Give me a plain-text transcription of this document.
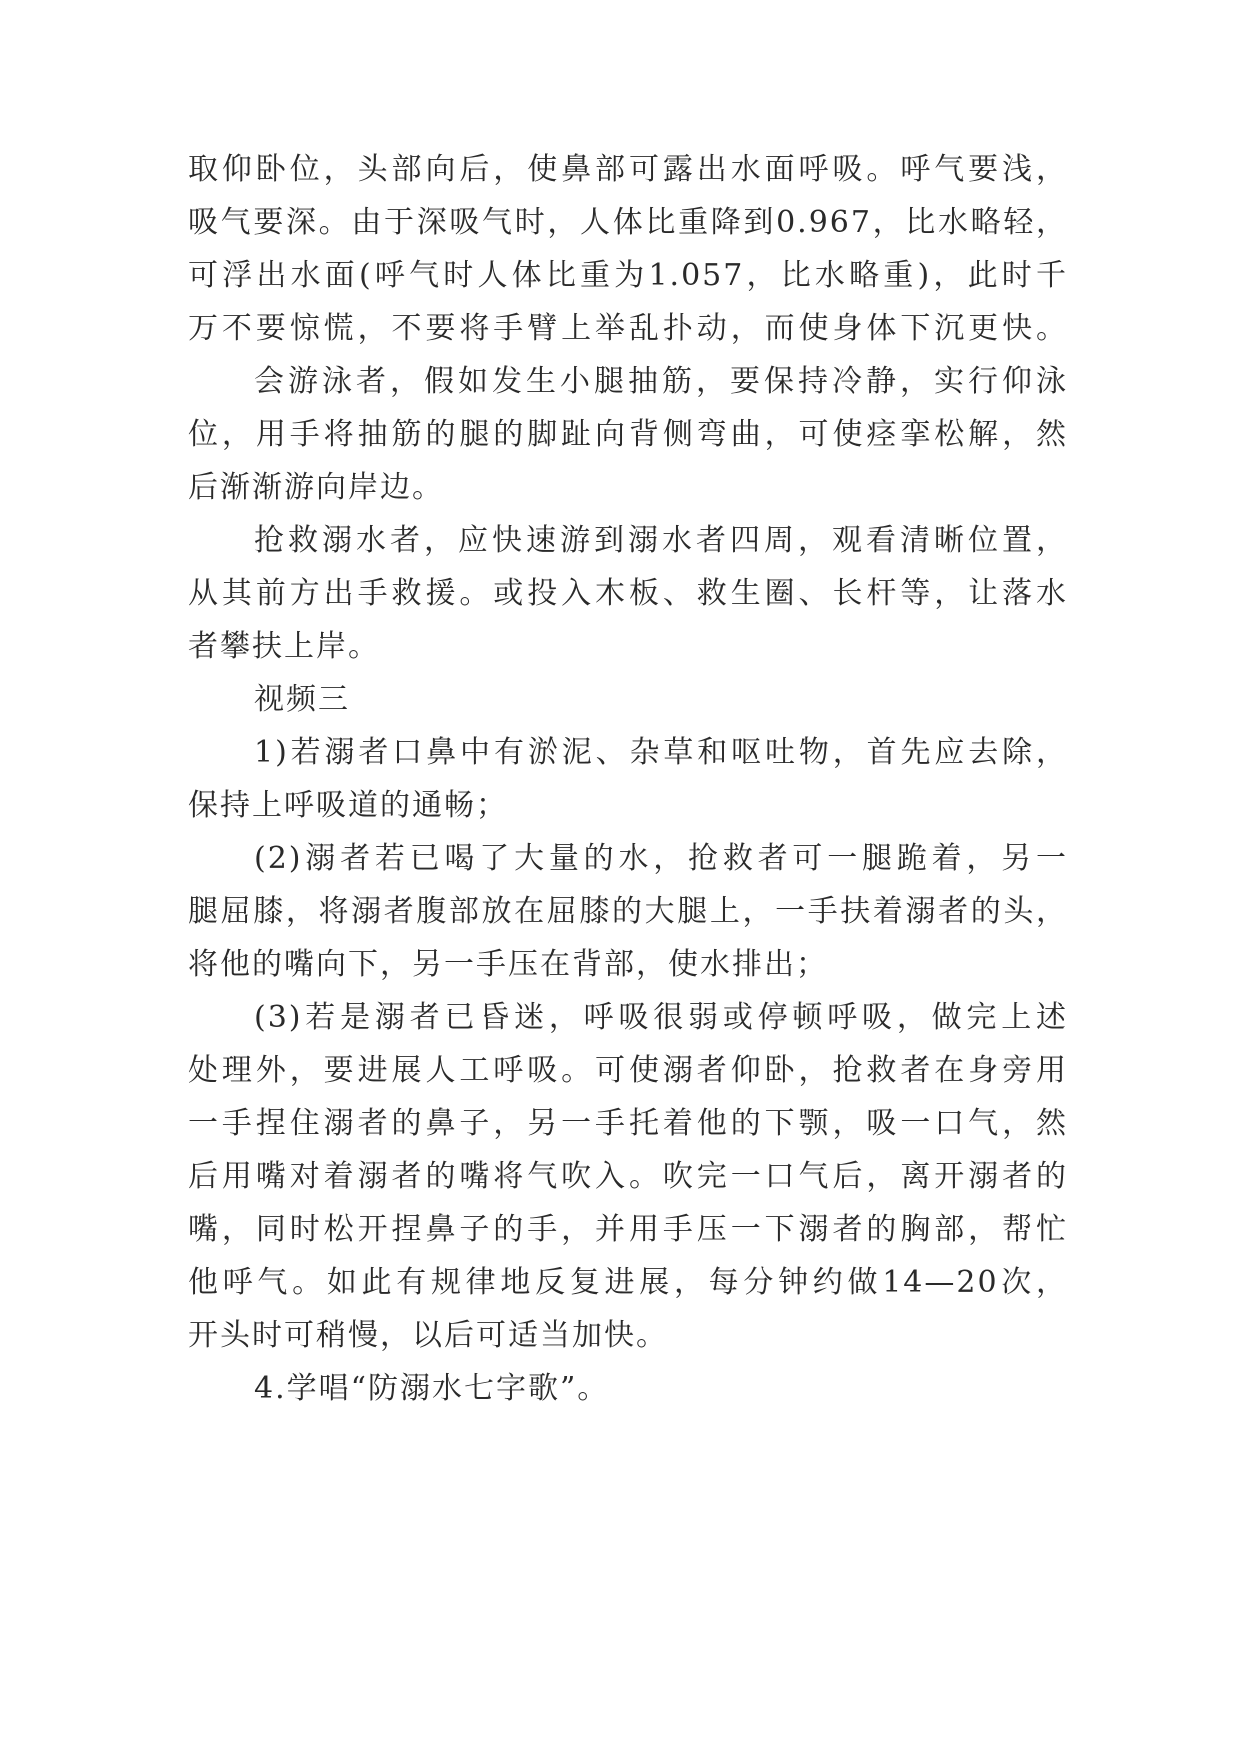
取仰卧位，头部向后，使鼻部可露出水面呼吸。呼气要浅，
吸气要深。由于深吸气时，人体比重降到0.967，比水略轻，
可浮出水面(呼气时人体比重为1.057，比水略重)，此时千
万不要惊慌，不要将手臂上举乱扑动，而使身体下沉更快。
会游泳者，假如发生小腿抽筋，要保持冷静，实行仰泳
位，用手将抽筋的腿的脚趾向背侧弯曲，可使痉挛松解，然
后渐渐游向岸边。
抢救溺水者，应快速游到溺水者四周，观看清晰位置，
从其前方出手救援。或投入木板、救生圈、长杆等，让落水
者攀扶上岸。
视频三
1)若溺者口鼻中有淤泥、杂草和呕吐物，首先应去除，
保持上呼吸道的通畅；
(2)溺者若已喝了大量的水，抢救者可一腿跪着，另一
腿屈膝，将溺者腹部放在屈膝的大腿上，一手扶着溺者的头，
将他的嘴向下，另一手压在背部，使水排出；
(3)若是溺者已昏迷，呼吸很弱或停顿呼吸，做完上述
处理外，要进展人工呼吸。可使溺者仰卧，抢救者在身旁用
一手捏住溺者的鼻子，另一手托着他的下颚，吸一口气，然
后用嘴对着溺者的嘴将气吹入。吹完一口气后，离开溺者的
嘴，同时松开捏鼻子的手，并用手压一下溺者的胸部，帮忙
他呼气。如此有规律地反复进展，每分钟约做14—20次，
开头时可稍慢，以后可适当加快。
4.学唱“防溺水七字歌”。
